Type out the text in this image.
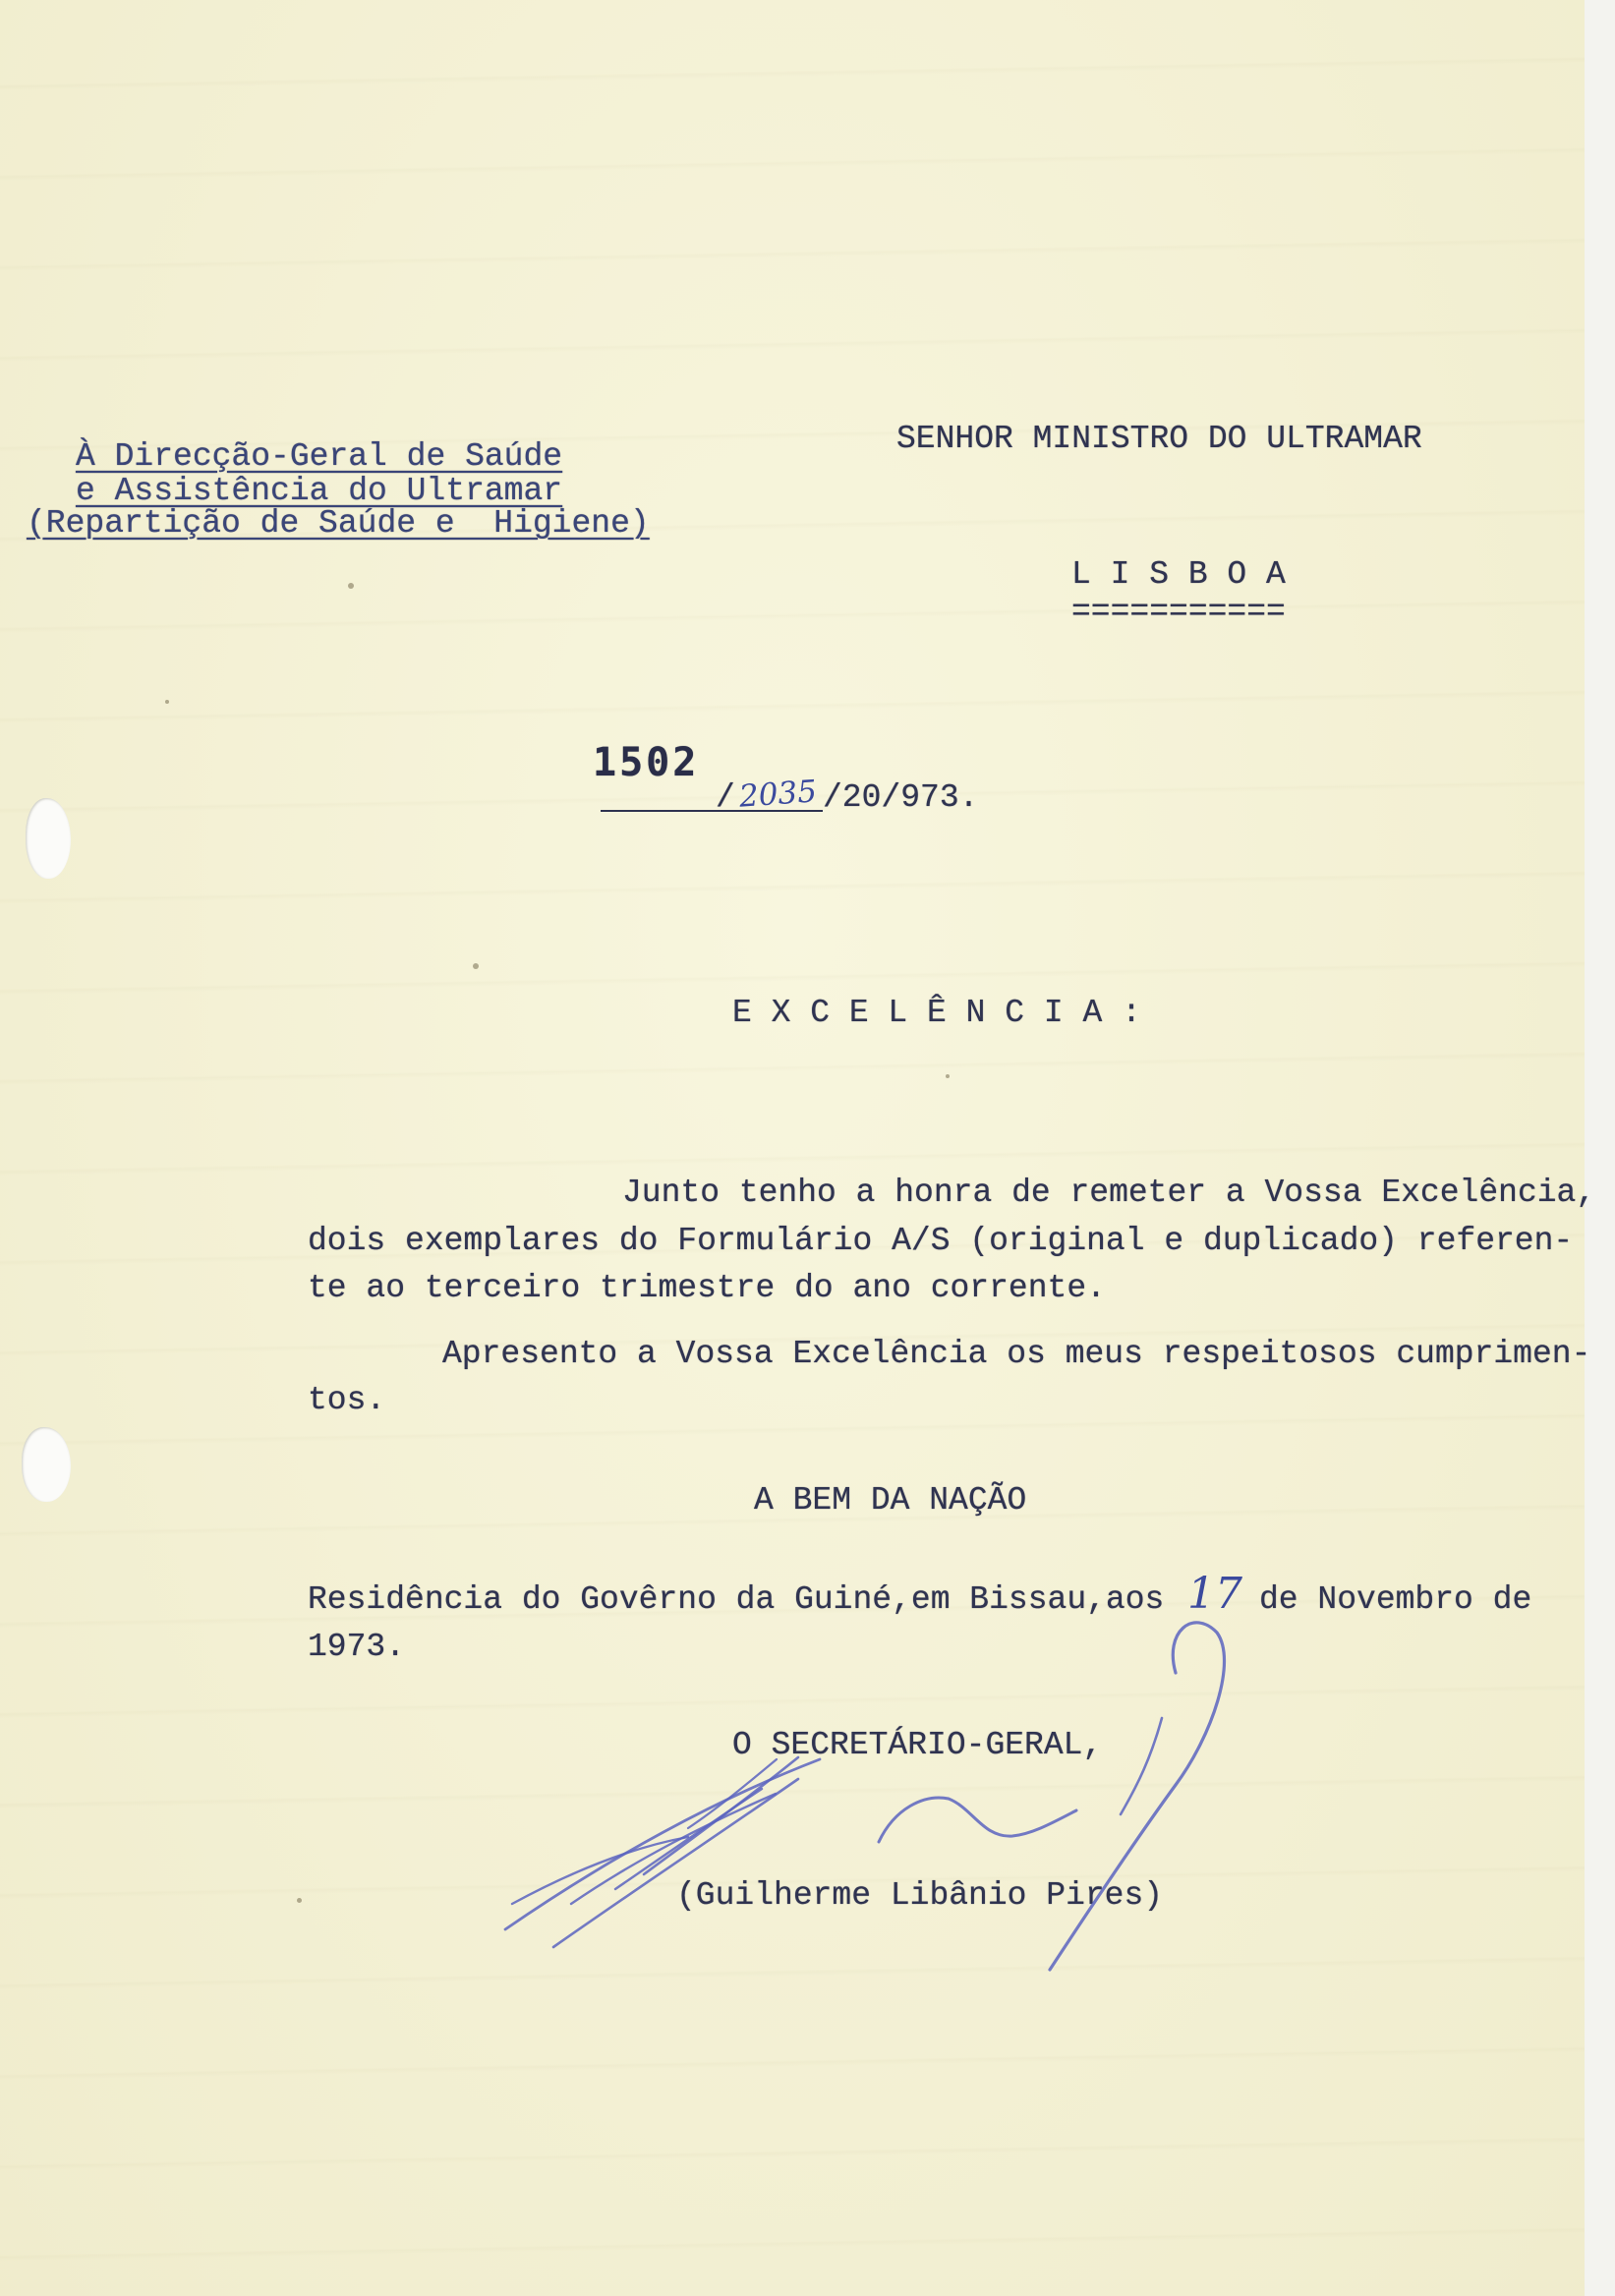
À Direcção-Geral de Saúde
e Assistência do Ultramar
(Repartição de Saúde e  Higiene)
SENHOR MINISTRO DO ULTRAMAR
L I S B O A
===========
1502
/ 2035 /20/973.
E X C E L Ê N C I A :
Junto tenho a honra de remeter a Vossa Excelência,
dois exemplares do Formulário A/S (original e duplicado) referen-
te ao terceiro trimestre do ano corrente.
Apresento a Vossa Excelência os meus respeitosos cumprimen-
tos.
A BEM DA NAÇÃO
Residência do Govêrno da Guiné,em Bissau,aos 17 de Novembro de
1973.
O SECRETÁRIO-GERAL,
(Guilherme Libânio Pires)
